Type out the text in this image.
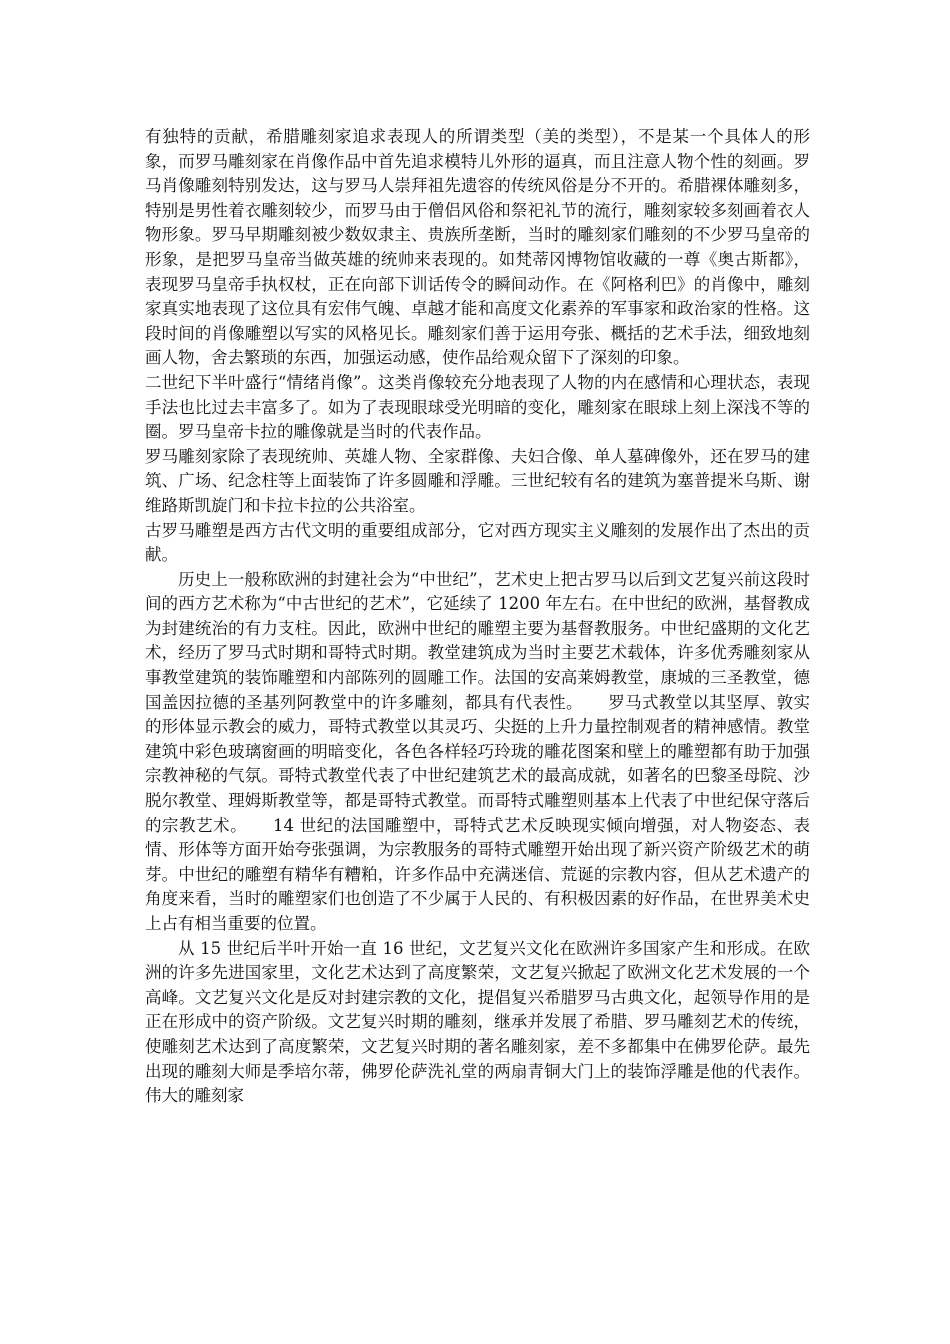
有独特的贡献，希腊雕刻家追求表现人的所谓类型（美的类型），不是某一个具体人的形象，而罗马雕刻家在肖像作品中首先追求模特儿外形的逼真，而且注意人物个性的刻画。罗马肖像雕刻特别发达，这与罗马人崇拜祖先遗容的传统风俗是分不开的。希腊裸体雕刻多，特别是男性着衣雕刻较少，而罗马由于僧侣风俗和祭祀礼节的流行，雕刻家较多刻画着衣人物形象。罗马早期雕刻被少数奴隶主、贵族所垄断，当时的雕刻家们雕刻的不少罗马皇帝的形象，是把罗马皇帝当做英雄的统帅来表现的。如梵蒂冈博物馆收藏的一尊《奥古斯都》，表现罗马皇帝手执权杖，正在向部下训话传令的瞬间动作。在《阿格利巴》的肖像中，雕刻家真实地表现了这位具有宏伟气魄、卓越才能和高度文化素养的军事家和政治家的性格。这段时间的肖像雕塑以写实的风格见长。雕刻家们善于运用夸张、概括的艺术手法，细致地刻画人物，舍去繁琐的东西，加强运动感，使作品给观众留下了深刻的印象。

二世纪下半叶盛行“情绪肖像”。这类肖像较充分地表现了人物的内在感情和心理状态，表现手法也比过去丰富多了。如为了表现眼球受光明暗的变化，雕刻家在眼球上刻上深浅不等的圈。罗马皇帝卡拉的雕像就是当时的代表作品。

罗马雕刻家除了表现统帅、英雄人物、全家群像、夫妇合像、单人墓碑像外，还在罗马的建筑、广场、纪念柱等上面装饰了许多圆雕和浮雕。三世纪较有名的建筑为塞普提米乌斯、谢维路斯凯旋门和卡拉卡拉的公共浴室。

古罗马雕塑是西方古代文明的重要组成部分，它对西方现实主义雕刻的发展作出了杰出的贡献。

历史上一般称欧洲的封建社会为“中世纪”，艺术史上把古罗马以后到文艺复兴前这段时间的西方艺术称为“中古世纪的艺术”，它延续了 1200 年左右。在中世纪的欧洲，基督教成为封建统治的有力支柱。因此，欧洲中世纪的雕塑主要为基督教服务。中世纪盛期的文化艺术，经历了罗马式时期和哥特式时期。教堂建筑成为当时主要艺术载体，许多优秀雕刻家从事教堂建筑的装饰雕塑和内部陈列的圆雕工作。法国的安高莱姆教堂，康城的三圣教堂，德国盖因拉德的圣基列阿教堂中的许多雕刻，都具有代表性。　　罗马式教堂以其坚厚、敦实的形体显示教会的威力，哥特式教堂以其灵巧、尖挺的上升力量控制观者的精神感情。教堂建筑中彩色玻璃窗画的明暗变化，各色各样轻巧玲珑的雕花图案和壁上的雕塑都有助于加强宗教神秘的气氛。哥特式教堂代表了中世纪建筑艺术的最高成就，如著名的巴黎圣母院、沙脱尔教堂、理姆斯教堂等，都是哥特式教堂。而哥特式雕塑则基本上代表了中世纪保守落后的宗教艺术。　　14 世纪的法国雕塑中，哥特式艺术反映现实倾向增强，对人物姿态、表情、形体等方面开始夸张强调，为宗教服务的哥特式雕塑开始出现了新兴资产阶级艺术的萌芽。中世纪的雕塑有精华有糟粕，许多作品中充满迷信、荒诞的宗教内容，但从艺术遗产的角度来看，当时的雕塑家们也创造了不少属于人民的、有积极因素的好作品，在世界美术史上占有相当重要的位置。

从 15 世纪后半叶开始一直 16 世纪，文艺复兴文化在欧洲许多国家产生和形成。在欧洲的许多先进国家里，文化艺术达到了高度繁荣，文艺复兴掀起了欧洲文化艺术发展的一个高峰。文艺复兴文化是反对封建宗教的文化，提倡复兴希腊罗马古典文化，起领导作用的是正在形成中的资产阶级。文艺复兴时期的雕刻，继承并发展了希腊、罗马雕刻艺术的传统，使雕刻艺术达到了高度繁荣，文艺复兴时期的著名雕刻家，差不多都集中在佛罗伦萨。最先出现的雕刻大师是季培尔蒂，佛罗伦萨洗礼堂的两扇青铜大门上的装饰浮雕是他的代表作。伟大的雕刻家
